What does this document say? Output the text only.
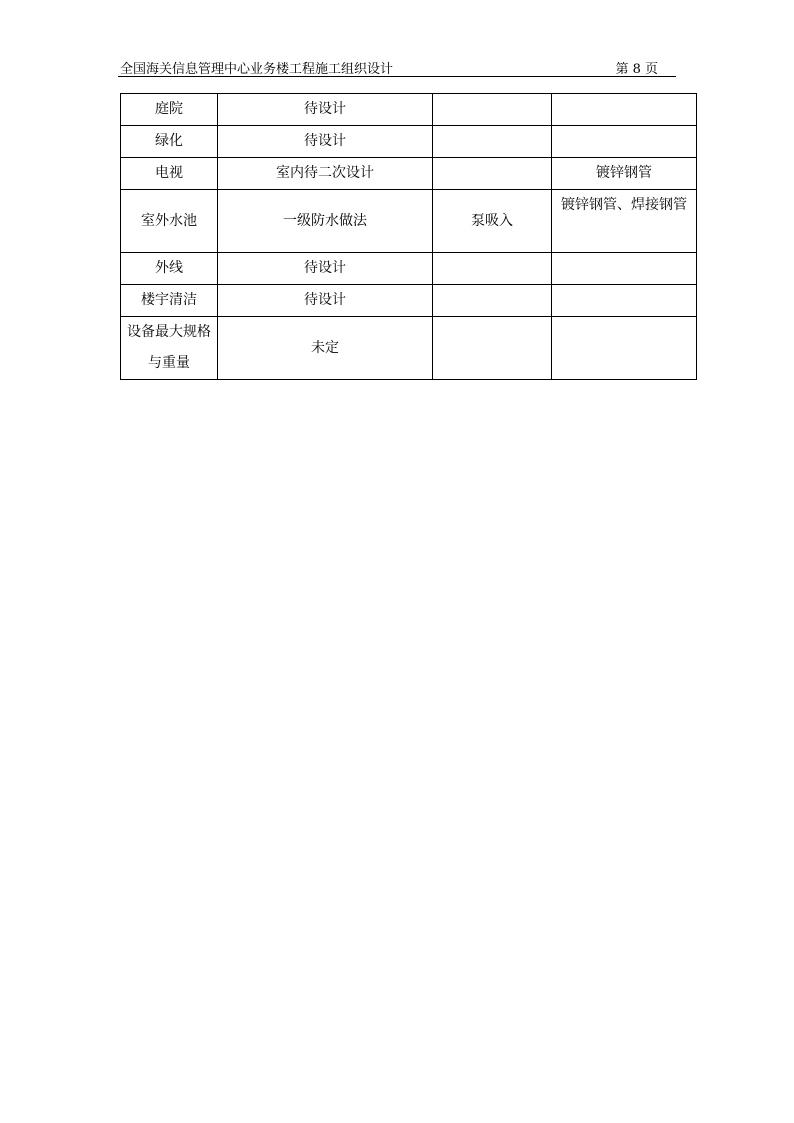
全国海关信息管理中心业务楼工程施工组织设计	第 8 页
庭院	待设计		
绿化	待设计		
电视	室内待二次设计		镀锌钢管
室外水池	一级防水做法	泵吸入	镀锌钢管、焊接钢管
外线	待设计		
楼宇清洁	待设计		
设备最大规格与重量	未定		
